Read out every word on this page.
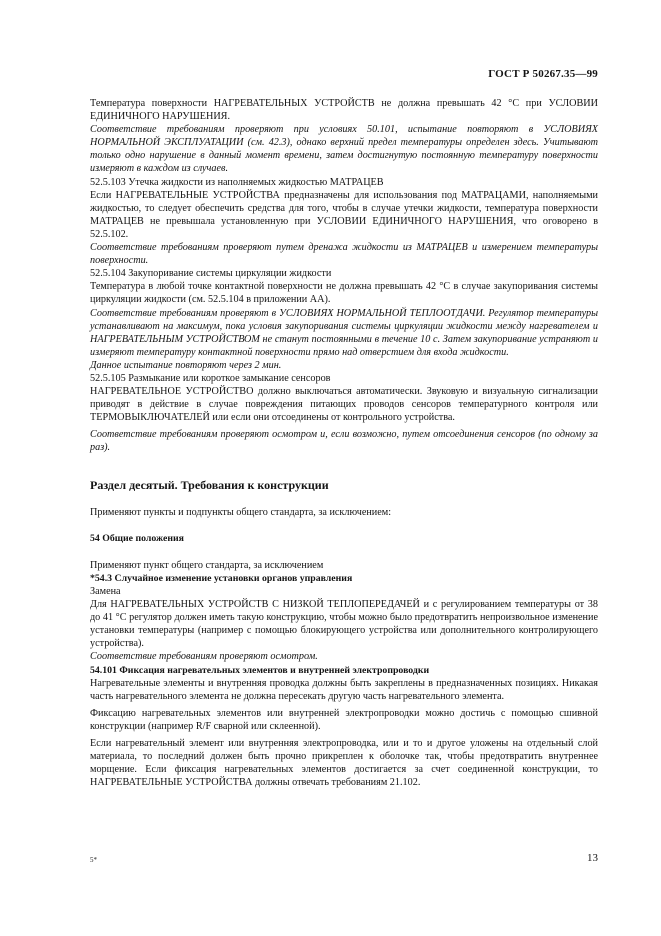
ГОСТ Р 50267.35—99

Температура поверхности НАГРЕВАТЕЛЬНЫХ УСТРОЙСТВ не должна превышать 42 °С при УСЛОВИИ ЕДИНИЧНОГО НАРУШЕНИЯ.

Соответствие требованиям проверяют при условиях 50.101, испытание повторяют в УСЛОВИЯХ НОРМАЛЬНОЙ ЭКСПЛУАТАЦИИ (см. 42.3), однако верхний предел температуры определен здесь. Учитывают только одно нарушение в данный момент времени, затем достигнутую постоянную температуру поверхности измеряют в каждом из случаев.

52.5.103 Утечка жидкости из наполняемых жидкостью МАТРАЦЕВ

Если НАГРЕВАТЕЛЬНЫЕ УСТРОЙСТВА предназначены для использования под МАТРАЦАМИ, наполняемыми жидкостью, то следует обеспечить средства для того, чтобы в случае утечки жидкости, температура поверхности МАТРАЦЕВ не превышала установленную при УСЛОВИИ ЕДИНИЧНОГО НАРУШЕНИЯ, что оговорено в 52.5.102.

Соответствие требованиям проверяют путем дренажа жидкости из МАТРАЦЕВ и измерением температуры поверхности.

52.5.104 Закупоривание системы циркуляции жидкости

Температура в любой точке контактной поверхности не должна превышать 42 °С в случае закупоривания системы циркуляции жидкости (см. 52.5.104 в приложении АА).

Соответствие требованиям проверяют в УСЛОВИЯХ НОРМАЛЬНОЙ ТЕПЛООТДАЧИ. Регулятор температуры устанавливают на максимум, пока условия закупоривания системы циркуляции жидкости между нагревателем и НАГРЕВАТЕЛЬНЫМ УСТРОЙСТВОМ не станут постоянными в течение 10 с. Затем закупоривание устраняют и измеряют температуру контактной поверхности прямо над отверстием для входа жидкости.

Данное испытание повторяют через 2 мин.

52.5.105 Размыкание или короткое замыкание сенсоров

НАГРЕВАТЕЛЬНОЕ УСТРОЙСТВО должно выключаться автоматически. Звуковую и визуальную сигнализации приводят в действие в случае повреждения питающих проводов сенсоров температурного контроля или ТЕРМОВЫКЛЮЧАТЕЛЕЙ или если они отсоединены от контрольного устройства.

Соответствие требованиям проверяют осмотром и, если возможно, путем отсоединения сенсоров (по одному за раз).

Раздел десятый. Требования к конструкции

Применяют пункты и подпункты общего стандарта, за исключением:

54 Общие положения

Применяют пункт общего стандарта, за исключением

*54.3 Случайное изменение установки органов управления

Замена

Для НАГРЕВАТЕЛЬНЫХ УСТРОЙСТВ С НИЗКОЙ ТЕПЛОПЕРЕДАЧЕЙ и с регулированием температуры от 38 до 41 °С регулятор должен иметь такую конструкцию, чтобы можно было предотвратить непроизвольное изменение установки температуры (например с помощью блокирующего устройства или дополнительного контролирующего устройства).

Соответствие требованиям проверяют осмотром.

54.101 Фиксация нагревательных элементов и внутренней электропроводки

Нагревательные элементы и внутренняя проводка должны быть закреплены в предназначенных позициях. Никакая часть нагревательного элемента не должна пересекать другую часть нагревательного элемента.

Фиксацию нагревательных элементов или внутренней электропроводки можно достичь с помощью сшивной конструкции (например R/F сварной или склеенной).

Если нагревательный элемент или внутренняя электропроводка, или и то и другое уложены на отдельный слой материала, то последний должен быть прочно прикреплен к оболочке так, чтобы предотвратить внутреннее морщение. Если фиксация нагревательных элементов достигается за счет соединенной конструкции, то НАГРЕВАТЕЛЬНЫЕ УСТРОЙСТВА должны отвечать требованиям 21.102.

5*	13
